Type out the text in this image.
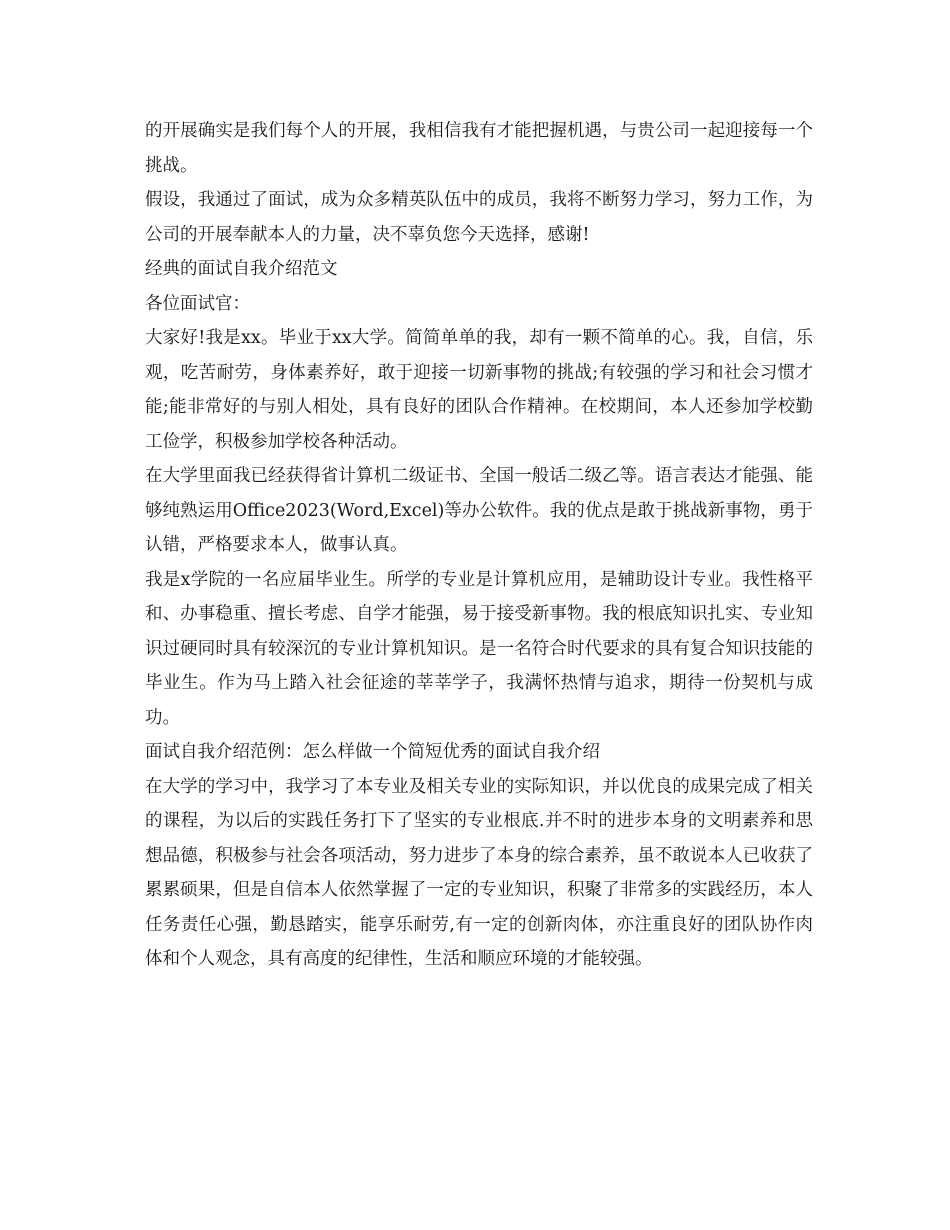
的开展确实是我们每个人的开展，我相信我有才能把握机遇，与贵公司一起迎接每一个挑战。

假设，我通过了面试，成为众多精英队伍中的成员，我将不断努力学习，努力工作，为公司的开展奉献本人的力量，决不辜负您今天选择，感谢!

经典的面试自我介绍范文

各位面试官：

大家好!我是xx。毕业于xx大学。简简单单的我，却有一颗不简单的心。我，自信，乐观，吃苦耐劳，身体素养好，敢于迎接一切新事物的挑战;有较强的学习和社会习惯才能;能非常好的与别人相处，具有良好的团队合作精神。在校期间，本人还参加学校勤工俭学，积极参加学校各种活动。

在大学里面我已经获得省计算机二级证书、全国一般话二级乙等。语言表达才能强、能够纯熟运用Office2023(Word,Excel)等办公软件。我的优点是敢于挑战新事物，勇于认错，严格要求本人，做事认真。

我是x学院的一名应届毕业生。所学的专业是计算机应用，是辅助设计专业。我性格平和、办事稳重、擅长考虑、自学才能强，易于接受新事物。我的根底知识扎实、专业知识过硬同时具有较深沉的专业计算机知识。是一名符合时代要求的具有复合知识技能的毕业生。作为马上踏入社会征途的莘莘学子，我满怀热情与追求，期待一份契机与成功。

面试自我介绍范例：怎么样做一个简短优秀的面试自我介绍

在大学的学习中，我学习了本专业及相关专业的实际知识，并以优良的成果完成了相关的课程，为以后的实践任务打下了坚实的专业根底.并不时的进步本身的文明素养和思想品德，积极参与社会各项活动，努力进步了本身的综合素养，虽不敢说本人已收获了累累硕果，但是自信本人依然掌握了一定的专业知识，积聚了非常多的实践经历，本人任务责任心强，勤恳踏实，能享乐耐劳,有一定的创新肉体，亦注重良好的团队协作肉体和个人观念，具有高度的纪律性，生活和顺应环境的才能较强。
